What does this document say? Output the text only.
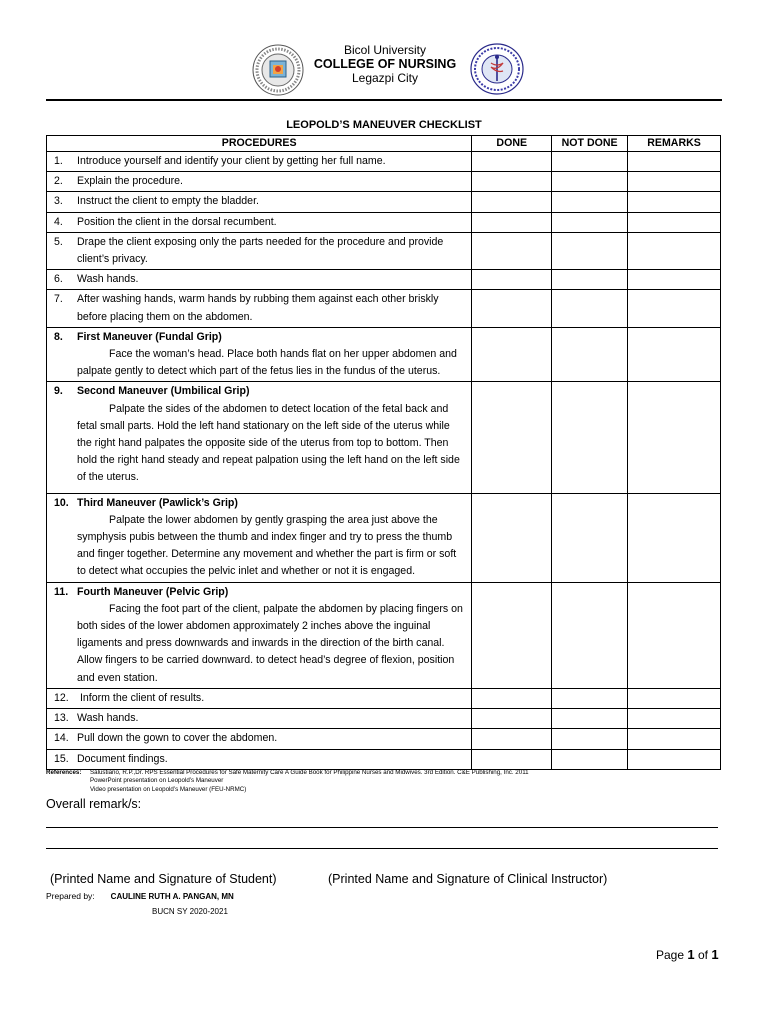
Bicol University
COLLEGE OF NURSING
Legazpi City
LEOPOLD’S MANEUVER CHECKLIST
PROCEDURES	DONE	NOT DONE	REMARKS
1. Introduce yourself and identify your client by getting her full name.			
2. Explain the procedure.			
3. Instruct the client to empty the bladder.			
4. Position the client in the dorsal recumbent.			

5. Drape the client exposing only the parts needed for the procedure and provide client’s privacy.			

6. Wash hands.			

7. After washing hands, warm hands by rubbing them against each other briskly before placing them on the abdomen.			

8. First Maneuver (Fundal Grip)
Face the woman’s head. Place both hands flat on her upper abdomen and palpate gently to detect which part of the fetus lies in the fundus of the uterus.			

9. Second Maneuver (Umbilical Grip)
Palpate the sides of the abdomen to detect location of the fetal back and fetal small parts. Hold the left hand stationary on the left side of the uterus while the right hand palpates the opposite side of the uterus from top to bottom. Then hold the right hand steady and repeat palpation using the left hand on the left side of the uterus.			

10. Third Maneuver (Pawlick’s Grip)
Palpate the lower abdomen by gently grasping the area just above the symphysis pubis between the thumb and index finger and try to press the thumb and finger together. Determine any movement and whether the part is firm or soft to detect what occupies the pelvic inlet and whether or not it is engaged.			

11. Fourth Maneuver (Pelvic Grip)
Facing the foot part of the client, palpate the abdomen by placing fingers on both sides of the lower abdomen approximately 2 inches above the inguinal ligaments and press downwards and inwards in the direction of the birth canal. Allow fingers to be carried downward. to detect head’s degree of flexion, position and even station.			

12. Inform the client of results.			
13. Wash hands.			
14. Pull down the gown to cover the abdomen.			
15. Document findings.			
References: Salustiano, R.P.,Dr. RPS Essential Procedures for Safe Maternity Care A Guide Book for Philippine Nurses and Midwives. 3rd Edition. C&E Publishing, Inc. 2011
PowerPoint presentation on Leopold’s Maneuver
Video presentation on Leopold’s Maneuver (FEU-NRMC)
Overall remark/s:
(Printed Name and Signature of Student)	(Printed Name and Signature of Clinical Instructor)
Prepared by: CAULINE RUTH A. PANGAN, MN
BUCN SY 2020-2021
Page 1 of 1
